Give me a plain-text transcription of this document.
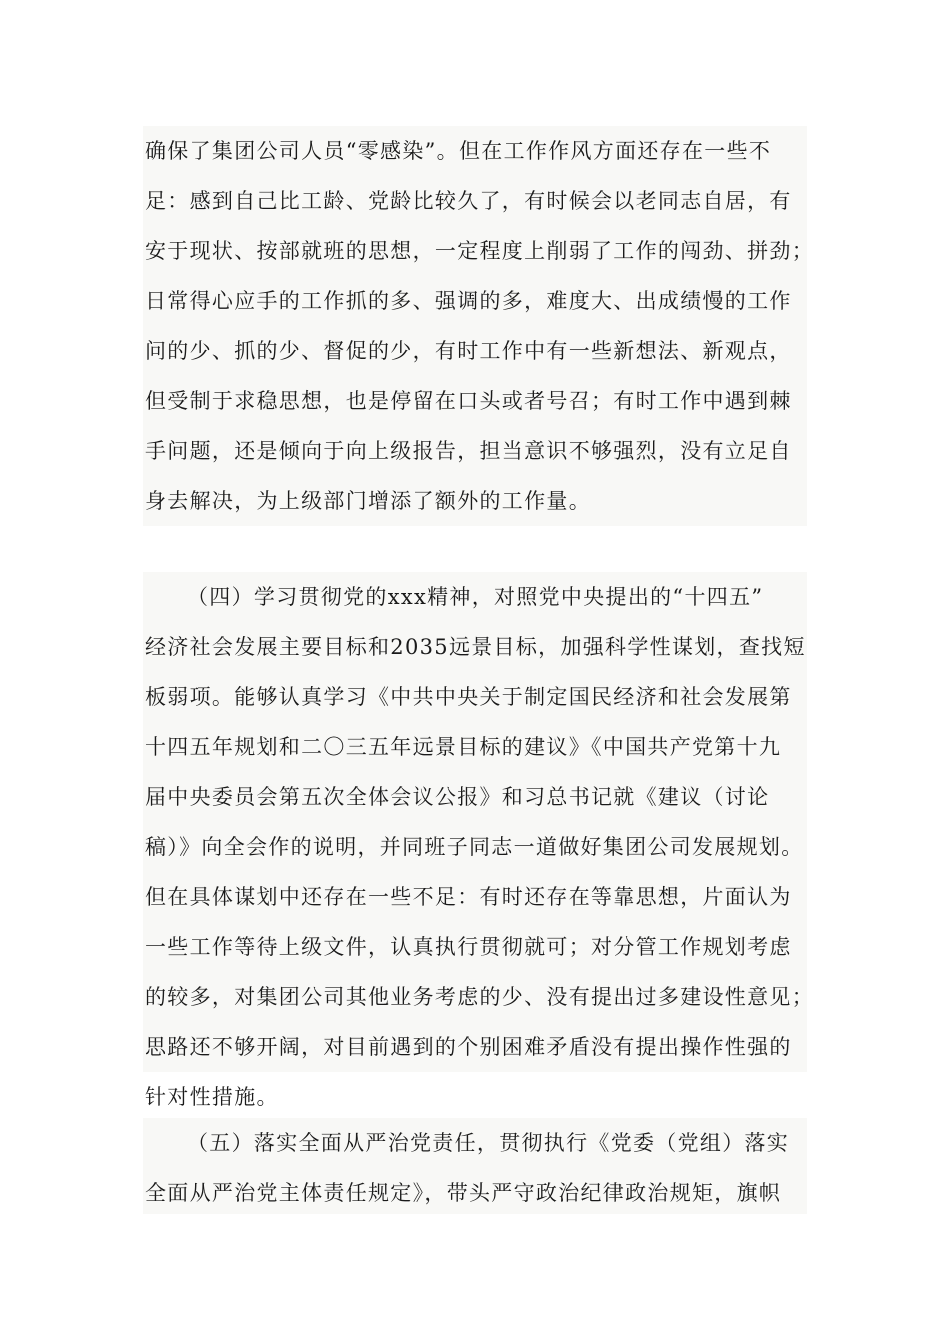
确保了集团公司人员“零感染”。但在工作作风方面还存在一些不
足：感到自己比工龄、党龄比较久了，有时候会以老同志自居，有
安于现状、按部就班的思想，一定程度上削弱了工作的闯劲、拼劲；
日常得心应手的工作抓的多、强调的多，难度大、出成绩慢的工作
问的少、抓的少、督促的少，有时工作中有一些新想法、新观点，
但受制于求稳思想，也是停留在口头或者号召；有时工作中遇到棘
手问题，还是倾向于向上级报告，担当意识不够强烈，没有立足自
身去解决，为上级部门增添了额外的工作量。
（四）学习贯彻党的xxx精神，对照党中央提出的“十四五”
经济社会发展主要目标和2035远景目标，加强科学性谋划，查找短
板弱项。能够认真学习《中共中央关于制定国民经济和社会发展第
十四五年规划和二〇三五年远景目标的建议》《中国共产党第十九
届中央委员会第五次全体会议公报》和习总书记就《建议（讨论
稿）》向全会作的说明，并同班子同志一道做好集团公司发展规划。
但在具体谋划中还存在一些不足：有时还存在等靠思想，片面认为
一些工作等待上级文件，认真执行贯彻就可；对分管工作规划考虑
的较多，对集团公司其他业务考虑的少、没有提出过多建设性意见；
思路还不够开阔，对目前遇到的个别困难矛盾没有提出操作性强的
针对性措施。
（五）落实全面从严治党责任，贯彻执行《党委（党组）落实
全面从严治党主体责任规定》，带头严守政治纪律政治规矩，旗帜
